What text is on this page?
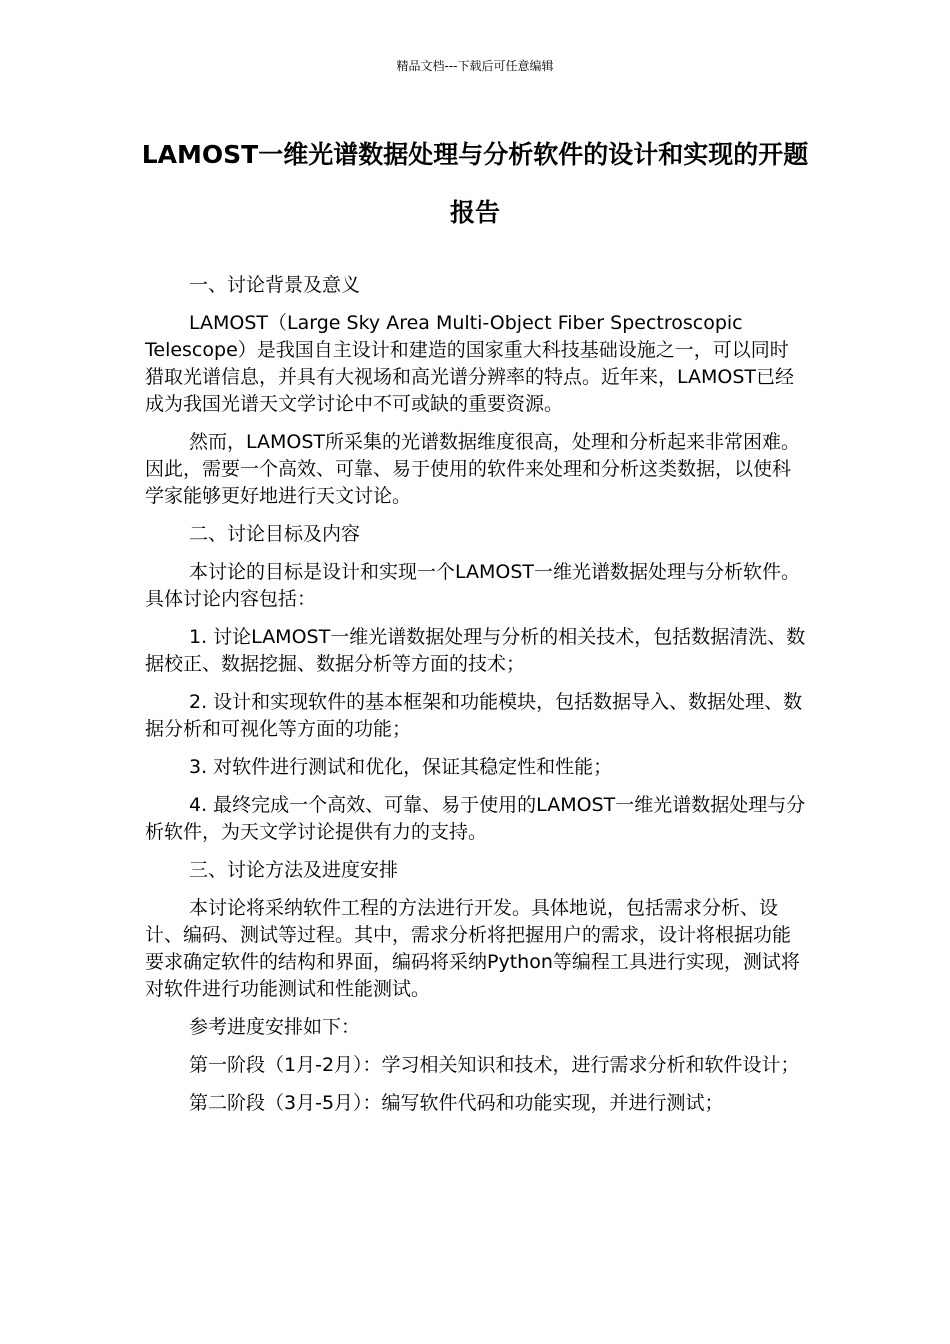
精品文档---下载后可任意编辑
LAMOST一维光谱数据处理与分析软件的设计和实现的开题报告

一、讨论背景及意义

LAMOST（Large Sky Area Multi-Object Fiber Spectroscopic Telescope）是我国自主设计和建造的国家重大科技基础设施之一，可以同时猎取光谱信息，并具有大视场和高光谱分辨率的特点。近年来，LAMOST已经成为我国光谱天文学讨论中不可或缺的重要资源。

然而，LAMOST所采集的光谱数据维度很高，处理和分析起来非常困难。因此，需要一个高效、可靠、易于使用的软件来处理和分析这类数据，以使科学家能够更好地进行天文讨论。

二、讨论目标及内容

本讨论的目标是设计和实现一个LAMOST一维光谱数据处理与分析软件。具体讨论内容包括：

1. 讨论LAMOST一维光谱数据处理与分析的相关技术，包括数据清洗、数据校正、数据挖掘、数据分析等方面的技术；

2. 设计和实现软件的基本框架和功能模块，包括数据导入、数据处理、数据分析和可视化等方面的功能；

3. 对软件进行测试和优化，保证其稳定性和性能；

4. 最终完成一个高效、可靠、易于使用的LAMOST一维光谱数据处理与分析软件，为天文学讨论提供有力的支持。

三、讨论方法及进度安排

本讨论将采纳软件工程的方法进行开发。具体地说，包括需求分析、设计、编码、测试等过程。其中，需求分析将把握用户的需求，设计将根据功能要求确定软件的结构和界面，编码将采纳Python等编程工具进行实现，测试将对软件进行功能测试和性能测试。

参考进度安排如下：

第一阶段（1月-2月）：学习相关知识和技术，进行需求分析和软件设计；

第二阶段（3月-5月）：编写软件代码和功能实现，并进行测试；
